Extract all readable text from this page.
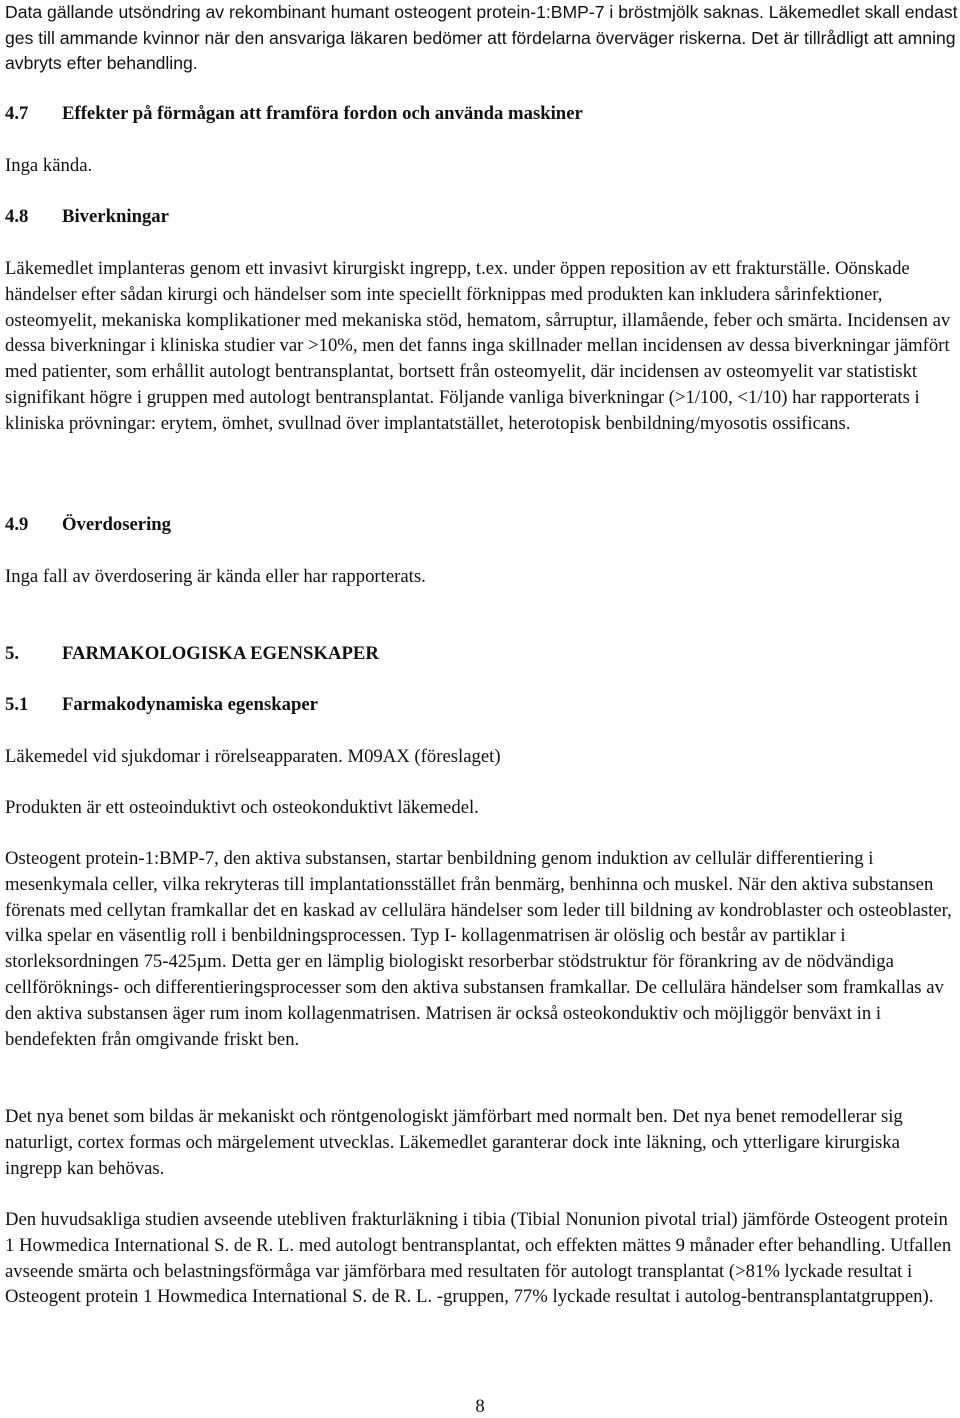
Data gällande utsöndring av rekombinant humant osteogent protein-1:BMP-7 i bröstmjölk saknas. Läkemedlet skall endast ges till ammande kvinnor när den ansvariga läkaren bedömer att fördelarna överväger riskerna. Det är tillrådligt att amning avbryts efter behandling.

4.7 Effekter på förmågan att framföra fordon och använda maskiner

Inga kända.

4.8 Biverkningar

Läkemedlet implanteras genom ett invasivt kirurgiskt ingrepp, t.ex. under öppen reposition av ett frakturställe. Oönskade händelser efter sådan kirurgi och händelser som inte speciellt förknippas med produkten kan inkludera sårinfektioner, osteomyelit, mekaniska komplikationer med mekaniska stöd, hematom, sårruptur, illamående, feber och smärta. Incidensen av dessa biverkningar i kliniska studier var >10%, men det fanns inga skillnader mellan incidensen av dessa biverkningar jämfört med patienter, som erhållit autologt bentransplantat, bortsett från osteomyelit, där incidensen av osteomyelit var statistiskt signifikant högre i gruppen med autologt bentransplantat. Följande vanliga biverkningar (>1/100, <1/10) har rapporterats i kliniska prövningar: erytem, ömhet, svullnad över implantatstället, heterotopisk benbildning/myosotis ossificans.

4.9 Överdosering

Inga fall av överdosering är kända eller har rapporterats.

5. FARMAKOLOGISKA EGENSKAPER
5.1 Farmakodynamiska egenskaper

Läkemedel vid sjukdomar i rörelseapparaten. M09AX (föreslaget)

Produkten är ett osteoinduktivt och osteokonduktivt läkemedel.

Osteogent protein-1:BMP-7, den aktiva substansen, startar benbildning genom induktion av cellulär differentiering i mesenkymala celler, vilka rekryteras till implantationsstället från benmärg, benhinna och muskel. När den aktiva substansen förenats med cellytan framkallar det en kaskad av cellulära händelser som leder till bildning av kondroblaster och osteoblaster, vilka spelar en väsentlig roll i benbildningsprocessen. Typ I- kollagenmatrisen är olöslig och består av partiklar i storleksordningen 75-425µm. Detta ger en lämplig biologiskt resorberbar stödstruktur för förankring av de nödvändiga cellföröknings- och differentieringsprocesser som den aktiva substansen framkallar. De cellulära händelser som framkallas av den aktiva substansen äger rum inom kollagenmatrisen. Matrisen är också osteokonduktiv och möjliggör benväxt in i bendefekten från omgivande friskt ben.

Det nya benet som bildas är mekaniskt och röntgenologiskt jämförbart med normalt ben. Det nya benet remodellerar sig naturligt, cortex formas och märgelement utvecklas. Läkemedlet garanterar dock inte läkning, och ytterligare kirurgiska ingrepp kan behövas.

Den huvudsakliga studien avseende utebliven frakturläkning i tibia (Tibial Nonunion pivotal trial) jämförde Osteogent protein 1 Howmedica International S. de R. L. med autologt bentransplantat, och effekten mättes 9 månader efter behandling. Utfallen avseende smärta och belastningsförmåga var jämförbara med resultaten för autologt transplantat (>81% lyckade resultat i Osteogent protein 1 Howmedica International S. de R. L. -gruppen, 77% lyckade resultat i autolog-bentransplantatgruppen).

8
